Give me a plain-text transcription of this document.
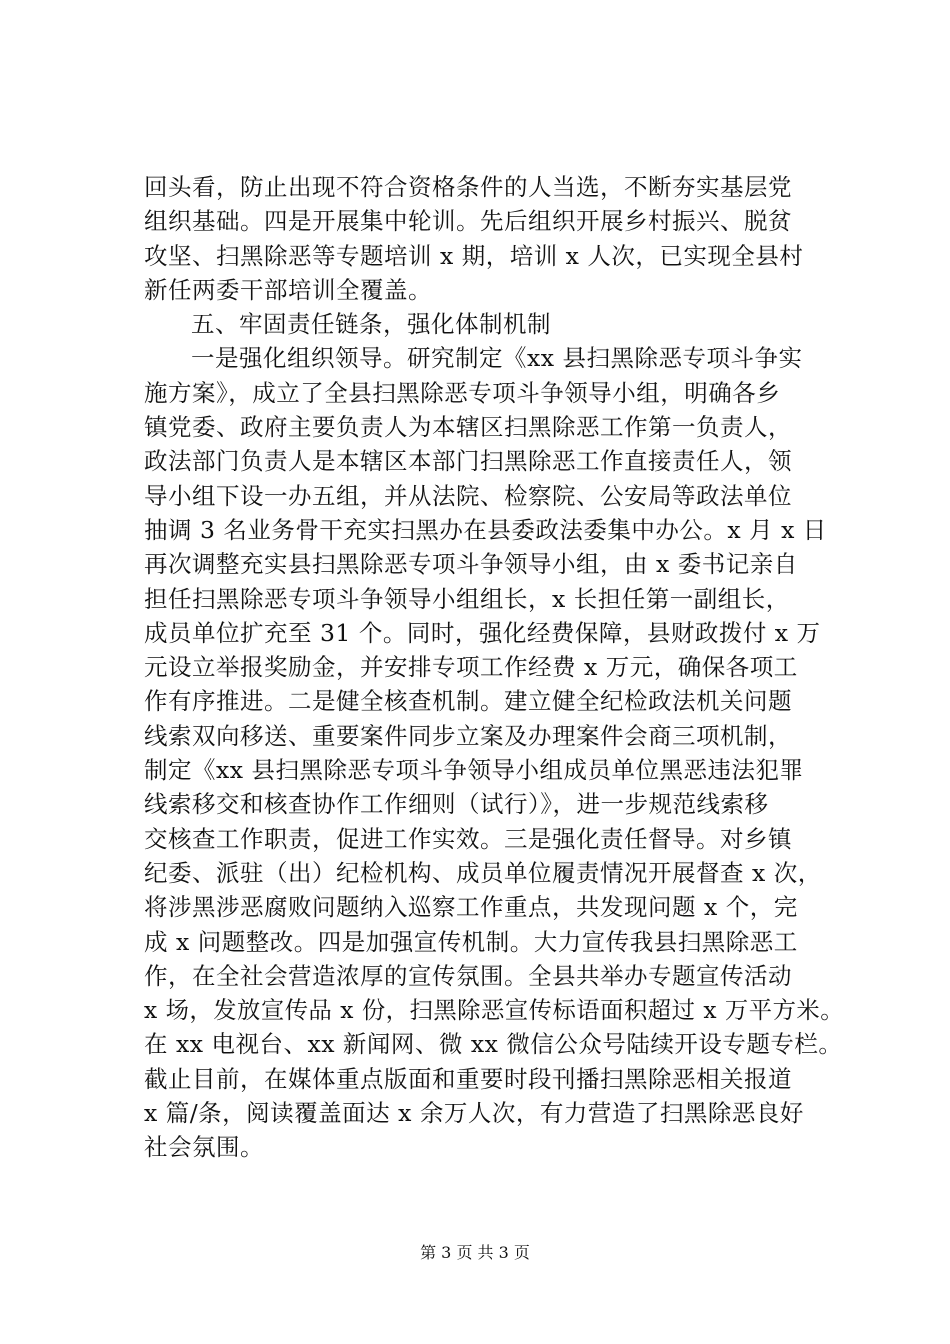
回头看，防止出现不符合资格条件的人当选，不断夯实基层党
组织基础。四是开展集中轮训。先后组织开展乡村振兴、脱贫
攻坚、扫黑除恶等专题培训 x 期，培训 x 人次，已实现全县村
新任两委干部培训全覆盖。
五、牢固责任链条，强化体制机制
一是强化组织领导。研究制定《xx 县扫黑除恶专项斗争实
施方案》，成立了全县扫黑除恶专项斗争领导小组，明确各乡
镇党委、政府主要负责人为本辖区扫黑除恶工作第一负责人，
政法部门负责人是本辖区本部门扫黑除恶工作直接责任人，领
导小组下设一办五组，并从法院、检察院、公安局等政法单位
抽调 3 名业务骨干充实扫黑办在县委政法委集中办公。x 月 x 日
再次调整充实县扫黑除恶专项斗争领导小组，由 x 委书记亲自
担任扫黑除恶专项斗争领导小组组长，x 长担任第一副组长，
成员单位扩充至 31 个。同时，强化经费保障，县财政拨付 x 万
元设立举报奖励金，并安排专项工作经费 x 万元，确保各项工
作有序推进。二是健全核查机制。建立健全纪检政法机关问题
线索双向移送、重要案件同步立案及办理案件会商三项机制，
制定《xx 县扫黑除恶专项斗争领导小组成员单位黑恶违法犯罪
线索移交和核查协作工作细则（试行）》，进一步规范线索移
交核查工作职责，促进工作实效。三是强化责任督导。对乡镇
纪委、派驻（出）纪检机构、成员单位履责情况开展督查 x 次，
将涉黑涉恶腐败问题纳入巡察工作重点，共发现问题 x 个，完
成 x 问题整改。四是加强宣传机制。大力宣传我县扫黑除恶工
作，在全社会营造浓厚的宣传氛围。全县共举办专题宣传活动
x 场，发放宣传品 x 份，扫黑除恶宣传标语面积超过 x 万平方米。
在 xx 电视台、xx 新闻网、微 xx 微信公众号陆续开设专题专栏。
截止目前，在媒体重点版面和重要时段刊播扫黑除恶相关报道
x 篇/条，阅读覆盖面达 x 余万人次，有力营造了扫黑除恶良好
社会氛围。
第 3 页 共 3 页
